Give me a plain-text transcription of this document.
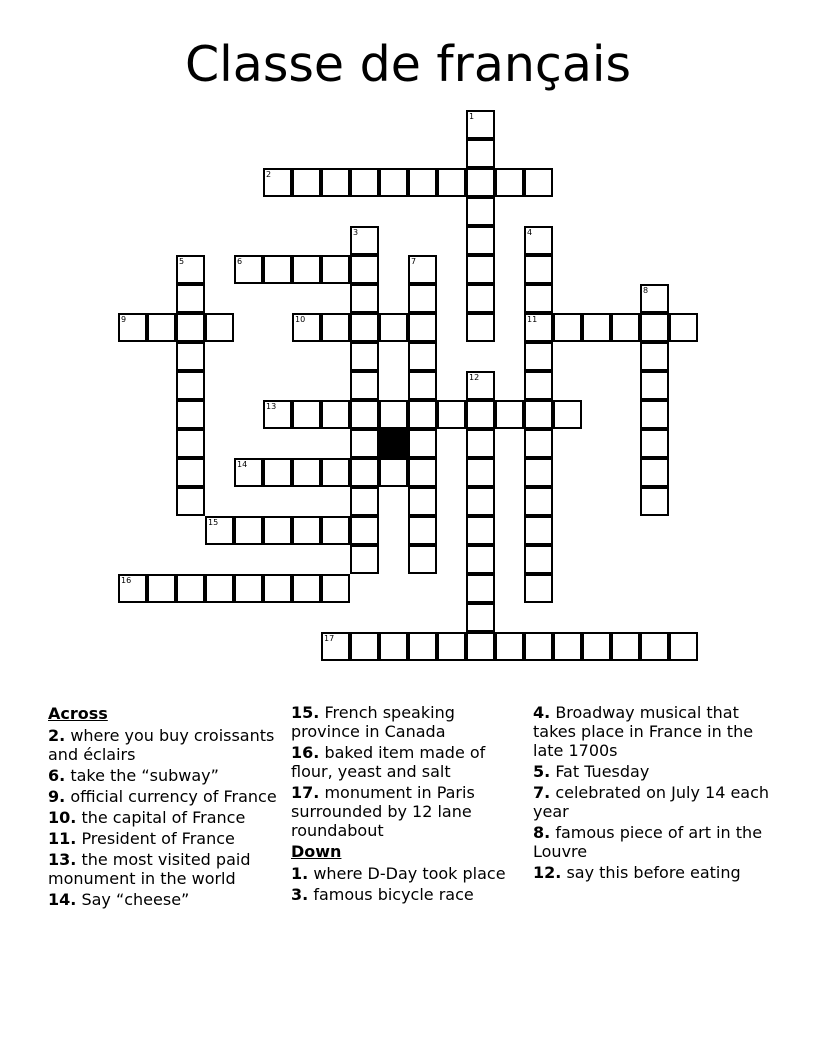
Classe de français
1
2
3	4
11
5	6	7
8
9	10
12
13
14
15
16
17
Across
2. where you buy croissants and éclairs
6. take the “subway”
9. official currency of France
10. the capital of France
11. President of France
13. the most visited paid monument in the world
14. Say “cheese”
15. French speaking province in Canada
16. baked item made of flour, yeast and salt
17. monument in Paris surrounded by 12 lane roundabout
Down
1. where D-Day took place
3. famous bicycle race
4. Broadway musical that takes place in France in the late 1700s
5. Fat Tuesday
7. celebrated on July 14 each year
8. famous piece of art in the Louvre
12. say this before eating
